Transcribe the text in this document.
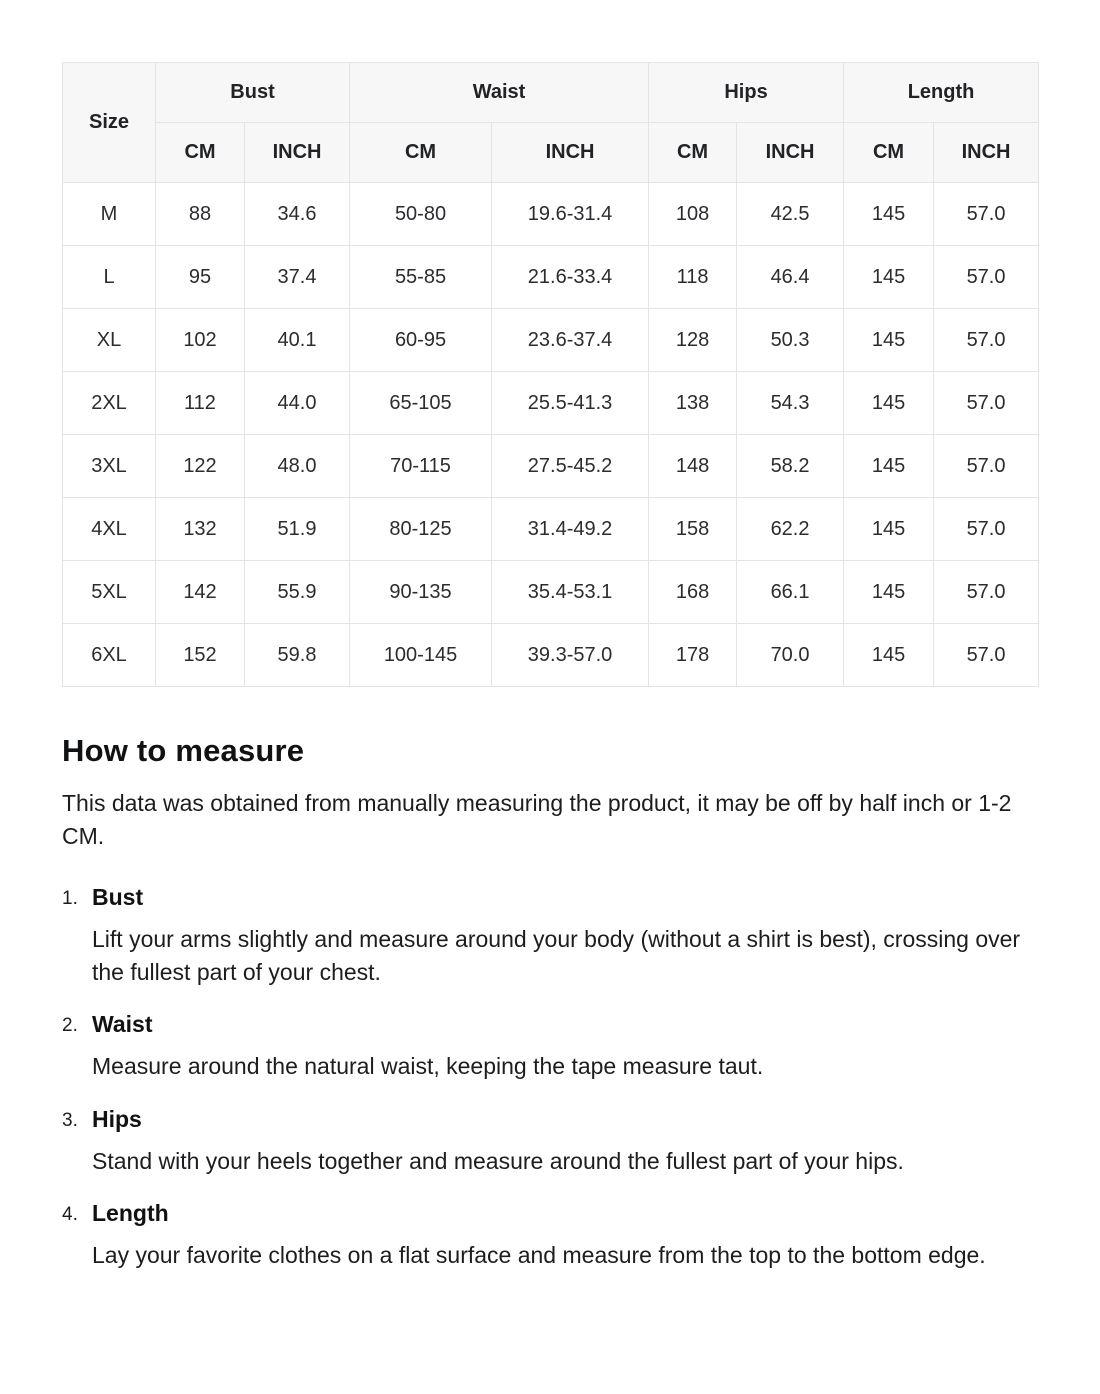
Size	Bust		Waist		Hips		Length	
	CM	INCH	CM	INCH	CM	INCH	CM	INCH
M	88	34.6	50-80	19.6-31.4	108	42.5	145	57.0
L	95	37.4	55-85	21.6-33.4	118	46.4	145	57.0
XL	102	40.1	60-95	23.6-37.4	128	50.3	145	57.0
2XL	112	44.0	65-105	25.5-41.3	138	54.3	145	57.0
3XL	122	48.0	70-115	27.5-45.2	148	58.2	145	57.0
4XL	132	51.9	80-125	31.4-49.2	158	62.2	145	57.0
5XL	142	55.9	90-135	35.4-53.1	168	66.1	145	57.0
6XL	152	59.8	100-145	39.3-57.0	178	70.0	145	57.0
How to measure

This data was obtained from manually measuring the product, it may be off by half inch or 1-2 CM.

1. Bust
Lift your arms slightly and measure around your body (without a shirt is best), crossing over the fullest part of your chest.
2. Waist
Measure around the natural waist, keeping the tape measure taut.
3. Hips
Stand with your heels together and measure around the fullest part of your hips.
4. Length
Lay your favorite clothes on a flat surface and measure from the top to the bottom edge.
